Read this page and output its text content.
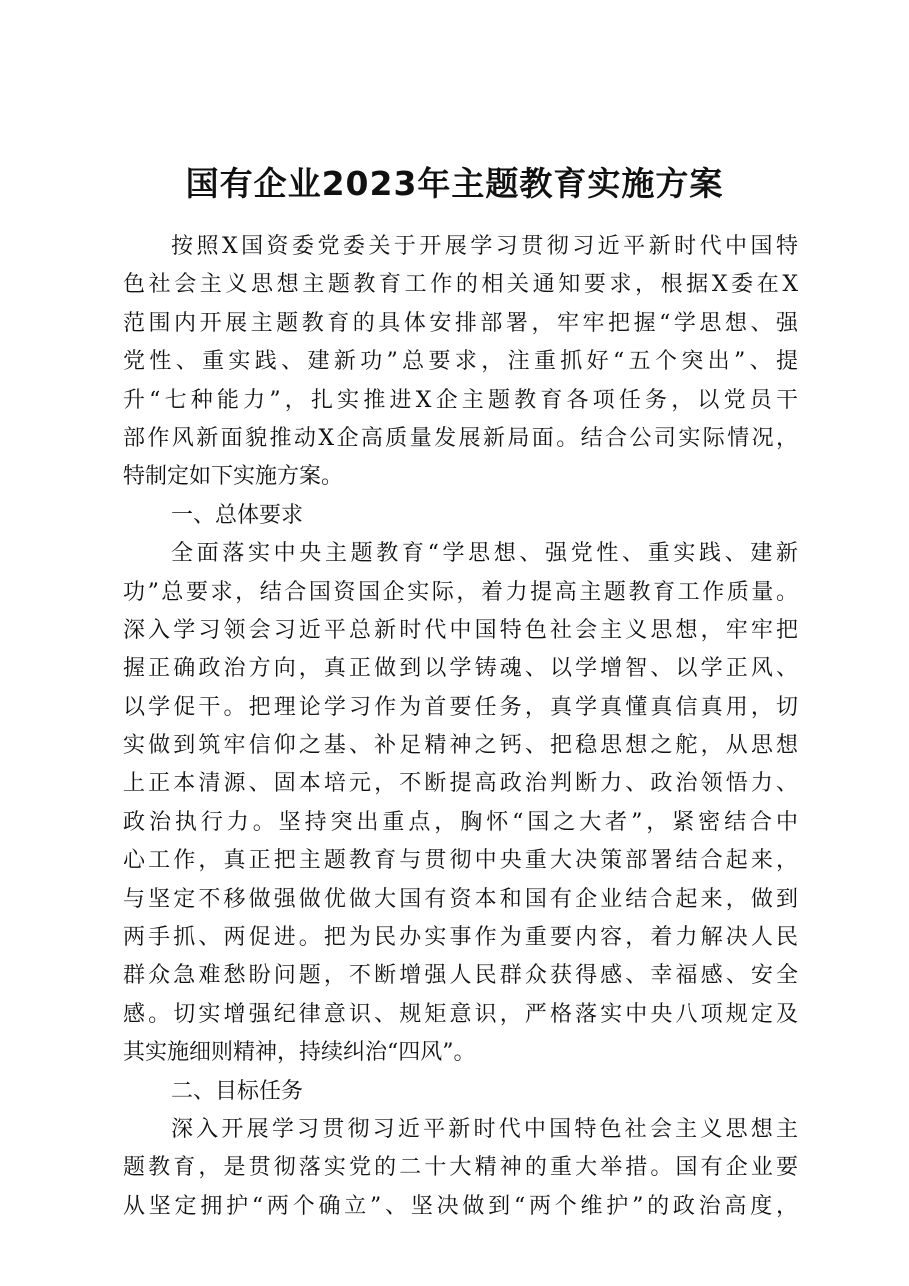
国有企业2023年主题教育实施方案
按照X国资委党委关于开展学习贯彻习近平新时代中国特
色社会主义思想主题教育工作的相关通知要求，根据X委在X
范围内开展主题教育的具体安排部署，牢牢把握“学思想、强
党性、重实践、建新功”总要求，注重抓好“五个突出”、提
升“七种能力”，扎实推进X企主题教育各项任务，以党员干
部作风新面貌推动X企高质量发展新局面。结合公司实际情况，
特制定如下实施方案。
一、总体要求
全面落实中央主题教育“学思想、强党性、重实践、建新
功”总要求，结合国资国企实际，着力提高主题教育工作质量。
深入学习领会习近平总新时代中国特色社会主义思想，牢牢把
握正确政治方向，真正做到以学铸魂、以学增智、以学正风、
以学促干。把理论学习作为首要任务，真学真懂真信真用，切
实做到筑牢信仰之基、补足精神之钙、把稳思想之舵，从思想
上正本清源、固本培元，不断提高政治判断力、政治领悟力、
政治执行力。坚持突出重点，胸怀“国之大者”，紧密结合中
心工作，真正把主题教育与贯彻中央重大决策部署结合起来，
与坚定不移做强做优做大国有资本和国有企业结合起来，做到
两手抓、两促进。把为民办实事作为重要内容，着力解决人民
群众急难愁盼问题，不断增强人民群众获得感、幸福感、安全
感。切实增强纪律意识、规矩意识，严格落实中央八项规定及
其实施细则精神，持续纠治“四风”。
二、目标任务
深入开展学习贯彻习近平新时代中国特色社会主义思想主
题教育，是贯彻落实党的二十大精神的重大举措。国有企业要
从坚定拥护“两个确立”、坚决做到“两个维护”的政治高度，
